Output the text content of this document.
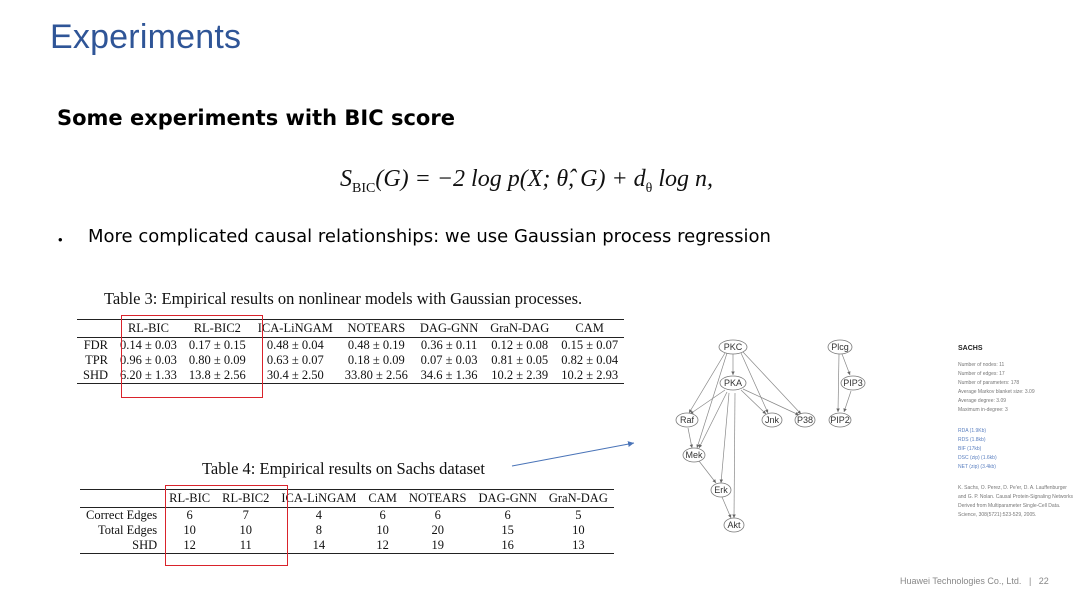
Experiments
Some experiments with BIC score
$S_{BIC}(G) = -2$ log p(X; θ̂, $G) + d_\theta$ log n,
• More complicated causal relationships: we use Gaussian process regression
Table 3: Empirical results on nonlinear models with Gaussian processes.
	RL-BIC	RL-BIC2	ICA-LiNGAM	NOTEARS	DAG-GNN	GraN-DAG	CAM
FDR	0.14 ± 0.03	0.17 ± 0.15	0.48 ± 0.04	0.48 ± 0.19	0.36 ± 0.11	0.12 ± 0.08	0.15 ± 0.07
TPR	0.96 ± 0.03	0.80 ± 0.09	0.63 ± 0.07	0.18 ± 0.09	0.07 ± 0.03	0.81 ± 0.05	0.82 ± 0.04
SHD	6.20 ± 1.33	13.8 ± 2.56	30.4 ± 2.50	33.80 ± 2.56	34.6 ± 1.36	10.2 ± 2.39	10.2 ± 2.93
Table 4: Empirical results on Sachs dataset
	RL-BIC	RL-BIC2	ICA-LiNGAM	CAM	NOTEARS	DAG-GNN	GraN-DAG
Correct Edges	6	7	4	6	6	6	5
Total Edges	10	10	8	10	20	15	10
SHD	12	11	14	12	19	16	13
PKC	Plcg
PKA	PIP3
Raf	Jnk P38 PIP2
Mek
Erk
Akt
SACHS
Number of nodes: 11
Number of edges: 17
Number of parameters: 178
Average Markov blanket size: 3.09
Average degree: 3.09
Maximum in-degree: 3
RDA (1.9Kb)
RDS (1.8kb)
BIF (17kb)
DSC (zip) (1.6kb)
NET (zip) (3.4kb)
K. Sachs, O. Perez, D. Pe'er, D. A. Lauffenburger and G. P. Nolan. Causal Protein-Signaling Networks Derived from Multiparameter Single-Cell Data. Science, 308(5721):523-529, 2005.
Huawei Technologies Co., Ltd. | 22
